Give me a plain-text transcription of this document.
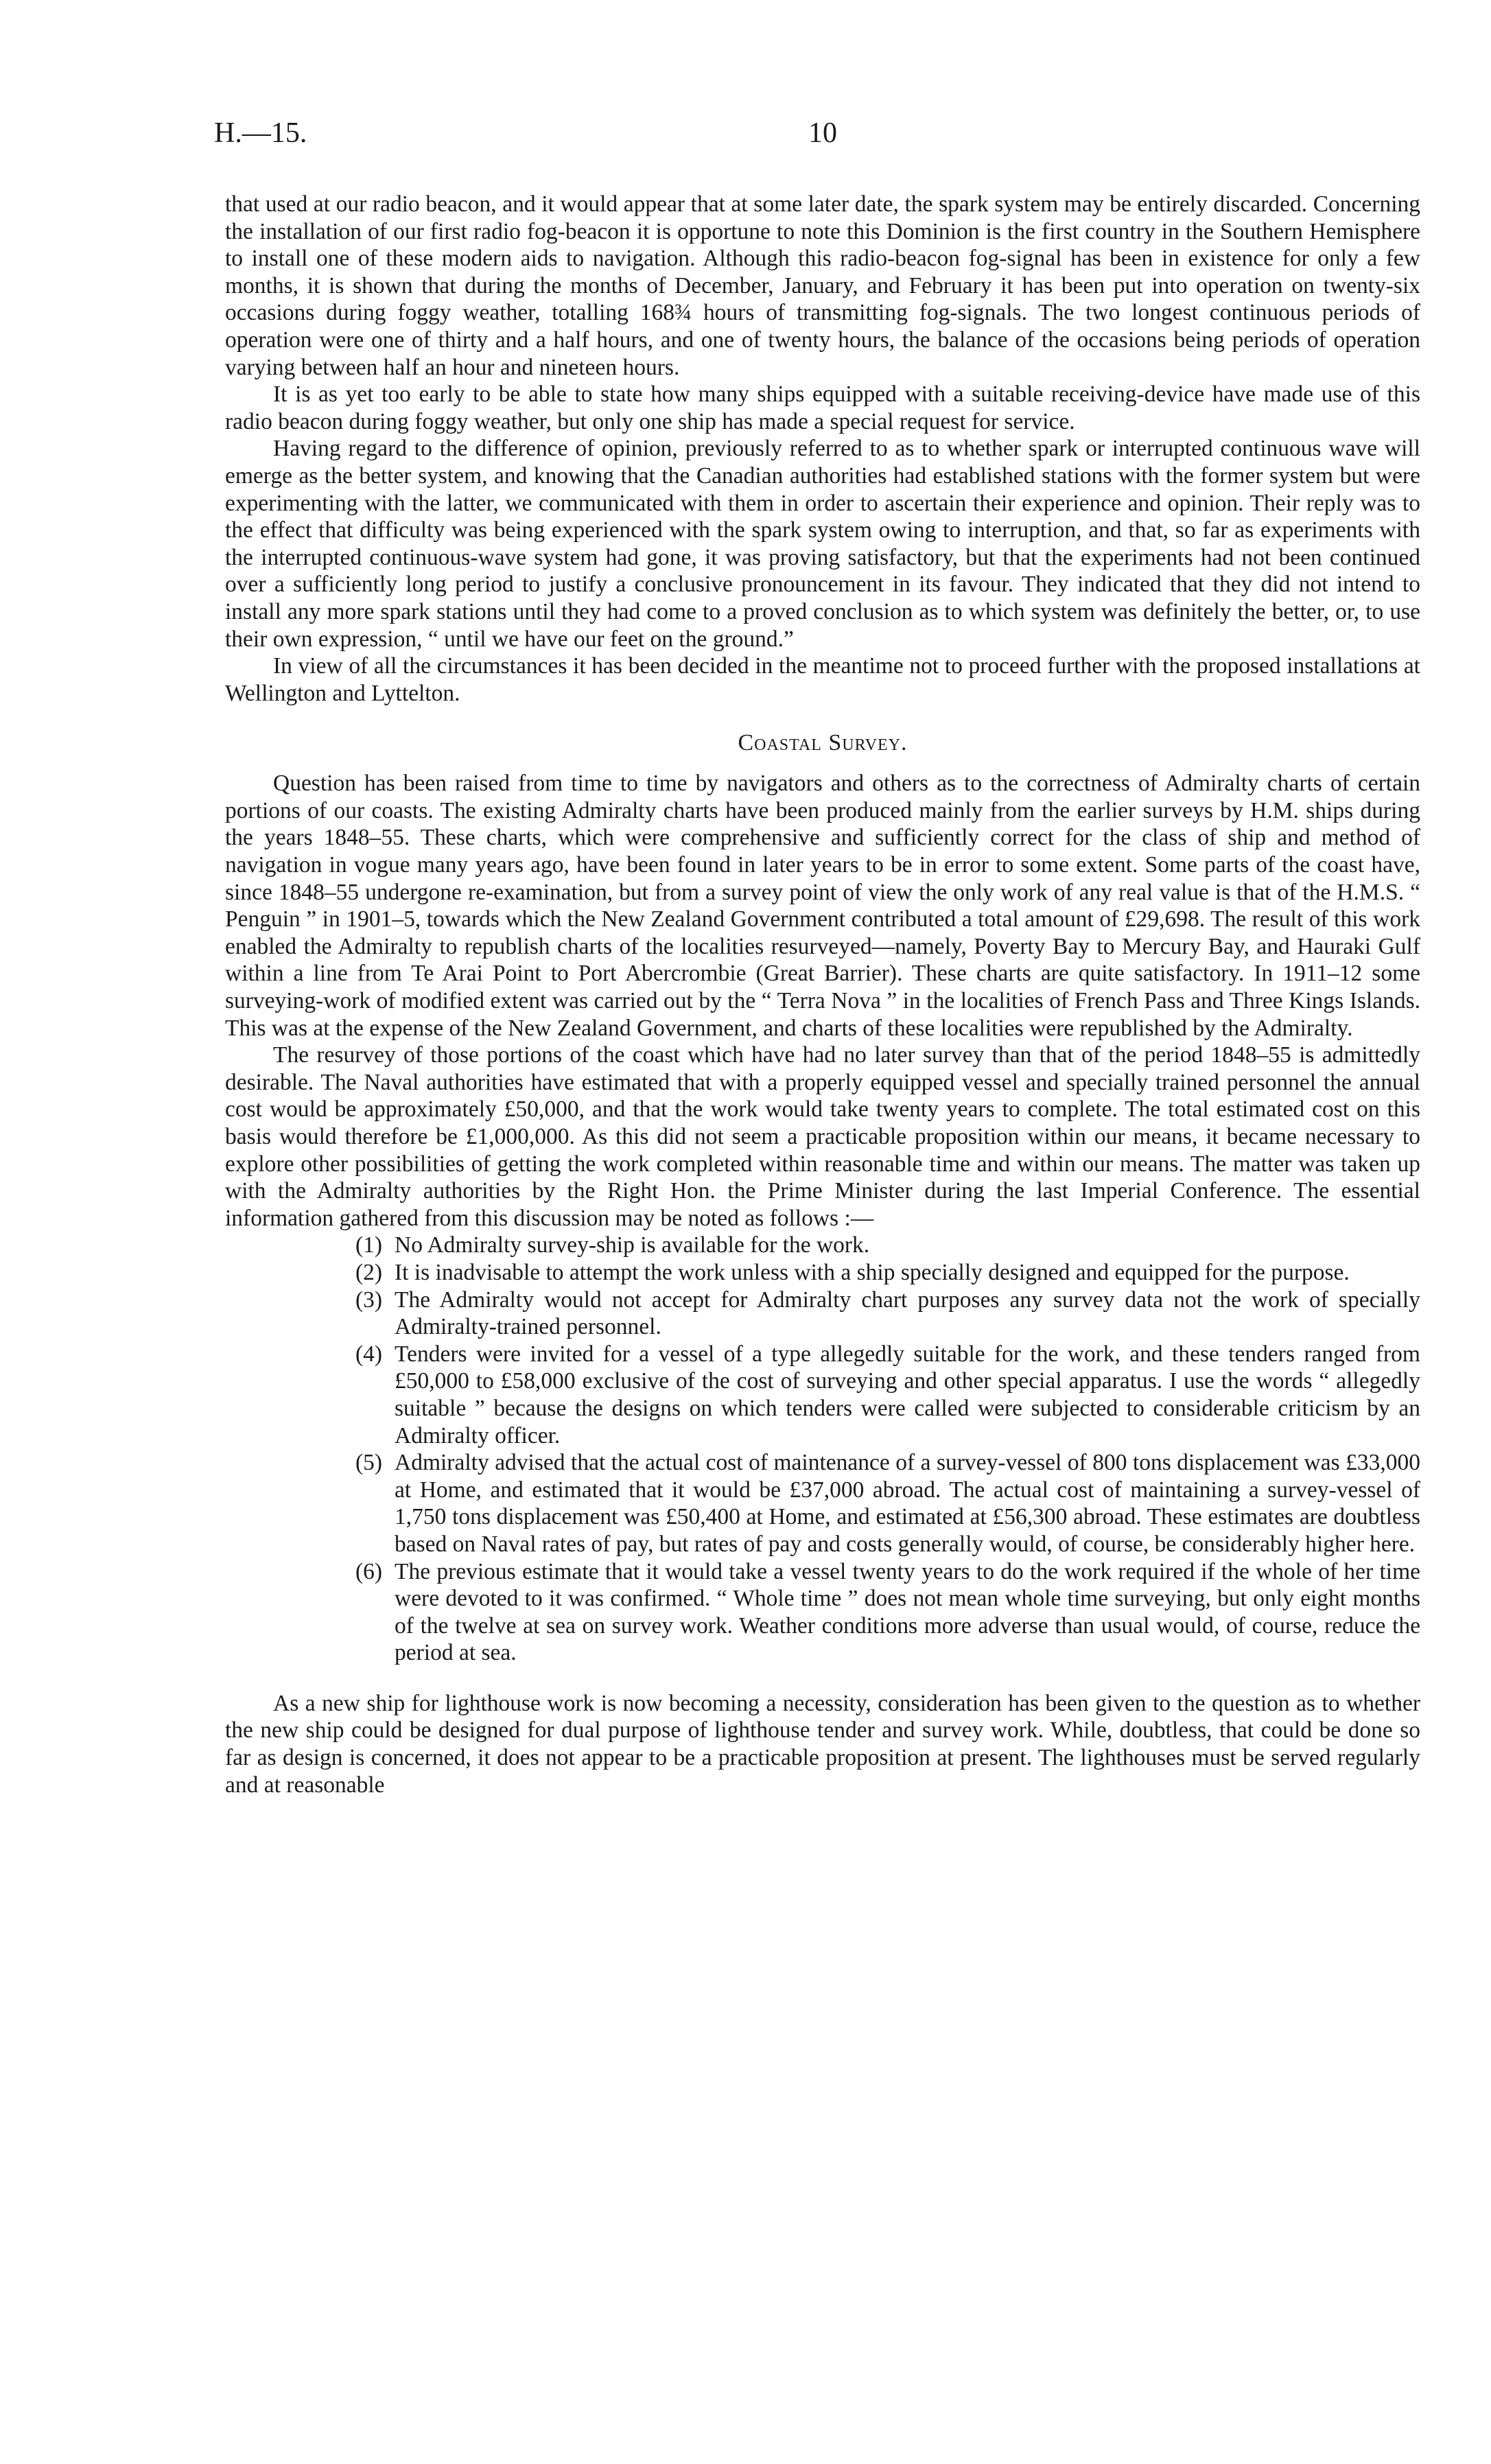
H.—15.	10

that used at our radio beacon, and it would appear that at some later date, the spark system may be entirely discarded. Concerning the installation of our first radio fog-beacon it is opportune to note this Dominion is the first country in the Southern Hemisphere to install one of these modern aids to navigation. Although this radio-beacon fog-signal has been in existence for only a few months, it is shown that during the months of December, January, and February it has been put into operation on twenty-six occasions during foggy weather, totalling 168¾ hours of transmitting fog-signals. The two longest continuous periods of operation were one of thirty and a half hours, and one of twenty hours, the balance of the occasions being periods of operation varying between half an hour and nineteen hours.

It is as yet too early to be able to state how many ships equipped with a suitable receiving-device have made use of this radio beacon during foggy weather, but only one ship has made a special request for service.

Having regard to the difference of opinion, previously referred to as to whether spark or interrupted continuous wave will emerge as the better system, and knowing that the Canadian authorities had established stations with the former system but were experimenting with the latter, we communicated with them in order to ascertain their experience and opinion. Their reply was to the effect that difficulty was being experienced with the spark system owing to interruption, and that, so far as experiments with the interrupted continuous-wave system had gone, it was proving satisfactory, but that the experiments had not been continued over a sufficiently long period to justify a conclusive pronouncement in its favour. They indicated that they did not intend to install any more spark stations until they had come to a proved conclusion as to which system was definitely the better, or, to use their own expression, “ until we have our feet on the ground.”

In view of all the circumstances it has been decided in the meantime not to proceed further with the proposed installations at Wellington and Lyttelton.

Coastal Survey.

Question has been raised from time to time by navigators and others as to the correctness of Admiralty charts of certain portions of our coasts. The existing Admiralty charts have been produced mainly from the earlier surveys by H.M. ships during the years 1848–55. These charts, which were comprehensive and sufficiently correct for the class of ship and method of navigation in vogue many years ago, have been found in later years to be in error to some extent. Some parts of the coast have, since 1848–55 undergone re-examination, but from a survey point of view the only work of any real value is that of the H.M.S. “ Penguin ” in 1901–5, towards which the New Zealand Government contributed a total amount of £29,698. The result of this work enabled the Admiralty to republish charts of the localities resurveyed—namely, Poverty Bay to Mercury Bay, and Hauraki Gulf within a line from Te Arai Point to Port Abercrombie (Great Barrier). These charts are quite satisfactory. In 1911–12 some surveying-work of modified extent was carried out by the “ Terra Nova ” in the localities of French Pass and Three Kings Islands. This was at the expense of the New Zealand Government, and charts of these localities were republished by the Admiralty.

The resurvey of those portions of the coast which have had no later survey than that of the period 1848–55 is admittedly desirable. The Naval authorities have estimated that with a properly equipped vessel and specially trained personnel the annual cost would be approximately £50,000, and that the work would take twenty years to complete. The total estimated cost on this basis would therefore be £1,000,000. As this did not seem a practicable proposition within our means, it became necessary to explore other possibilities of getting the work completed within reasonable time and within our means. The matter was taken up with the Admiralty authorities by the Right Hon. the Prime Minister during the last Imperial Conference. The essential information gathered from this discussion may be noted as follows :—

(1) No Admiralty survey-ship is available for the work.
(2) It is inadvisable to attempt the work unless with a ship specially designed and equipped for the purpose.
(3) The Admiralty would not accept for Admiralty chart purposes any survey data not the work of specially Admiralty-trained personnel.
(4) Tenders were invited for a vessel of a type allegedly suitable for the work, and these tenders ranged from £50,000 to £58,000 exclusive of the cost of surveying and other special apparatus. I use the words “ allegedly suitable ” because the designs on which tenders were called were subjected to considerable criticism by an Admiralty officer.
(5) Admiralty advised that the actual cost of maintenance of a survey-vessel of 800 tons displacement was £33,000 at Home, and estimated that it would be £37,000 abroad. The actual cost of maintaining a survey-vessel of 1,750 tons displacement was £50,400 at Home, and estimated at £56,300 abroad. These estimates are doubtless based on Naval rates of pay, but rates of pay and costs generally would, of course, be considerably higher here.
(6) The previous estimate that it would take a vessel twenty years to do the work required if the whole of her time were devoted to it was confirmed. “ Whole time ” does not mean whole time surveying, but only eight months of the twelve at sea on survey work. Weather conditions more adverse than usual would, of course, reduce the period at sea.

As a new ship for lighthouse work is now becoming a necessity, consideration has been given to the question as to whether the new ship could be designed for dual purpose of lighthouse tender and survey work. While, doubtless, that could be done so far as design is concerned, it does not appear to be a practicable proposition at present. The lighthouses must be served regularly and at reasonable
